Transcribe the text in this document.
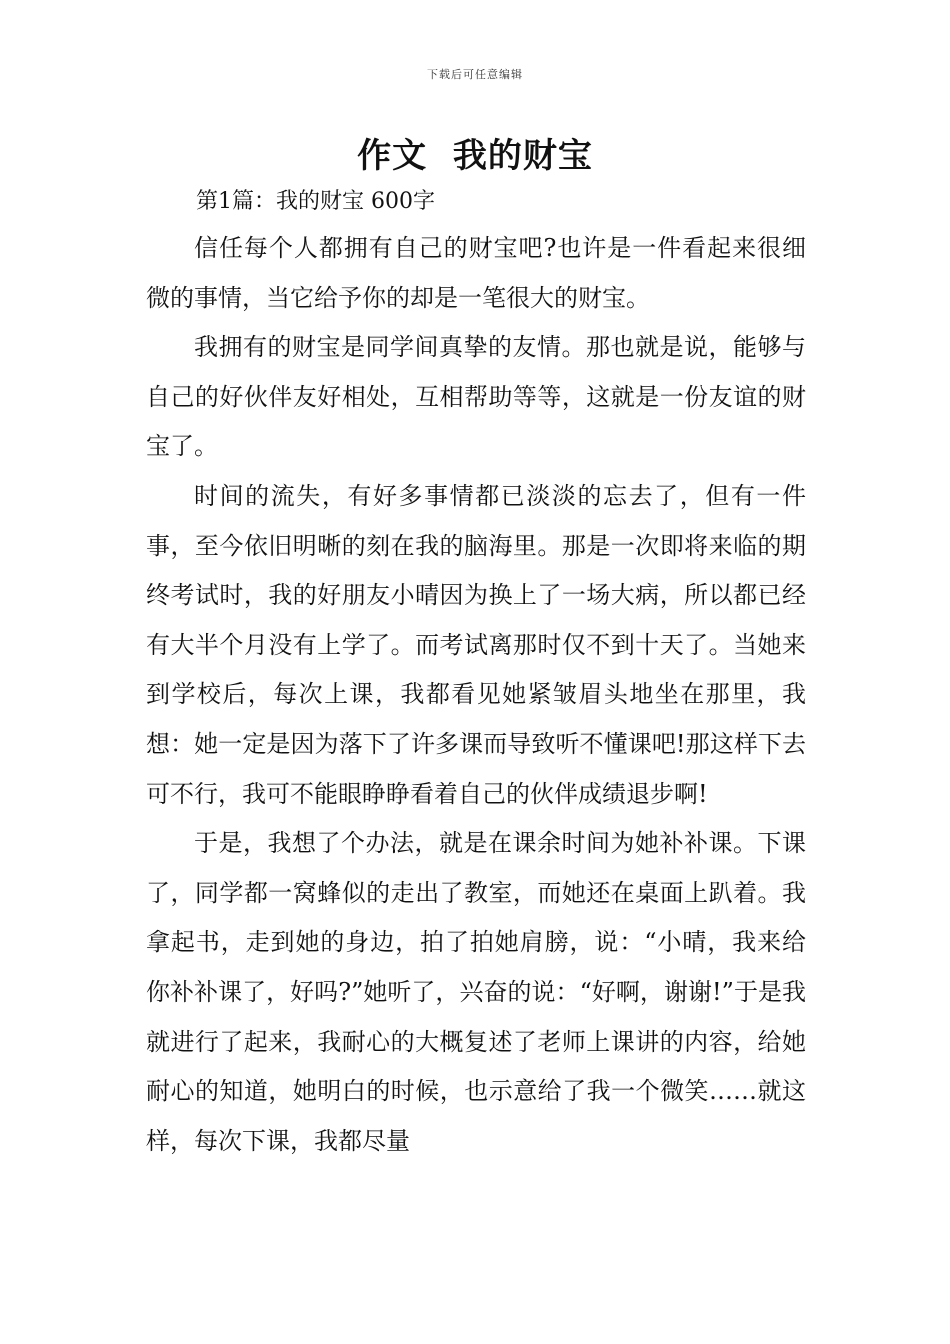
下载后可任意编辑
作文  我的财宝
第1篇：我的财宝 600字

信任每个人都拥有自己的财宝吧?也许是一件看起来很细微的事情，当它给予你的却是一笔很大的财宝。

我拥有的财宝是同学间真挚的友情。那也就是说，能够与自己的好伙伴友好相处，互相帮助等等，这就是一份友谊的财宝了。

时间的流失，有好多事情都已淡淡的忘去了，但有一件事，至今依旧明晰的刻在我的脑海里。那是一次即将来临的期终考试时，我的好朋友小晴因为换上了一场大病，所以都已经有大半个月没有上学了。而考试离那时仅不到十天了。当她来到学校后，每次上课，我都看见她紧皱眉头地坐在那里，我想：她一定是因为落下了许多课而导致听不懂课吧!那这样下去可不行，我可不能眼睁睁看着自己的伙伴成绩退步啊!

于是，我想了个办法，就是在课余时间为她补补课。下课了，同学都一窝蜂似的走出了教室，而她还在桌面上趴着。我拿起书，走到她的身边，拍了拍她肩膀，说：“小晴，我来给你补补课了，好吗?”她听了，兴奋的说：“好啊，谢谢!”于是我就进行了起来，我耐心的大概复述了老师上课讲的内容，给她耐心的知道，她明白的时候，也示意给了我一个微笑……就这样，每次下课，我都尽量
